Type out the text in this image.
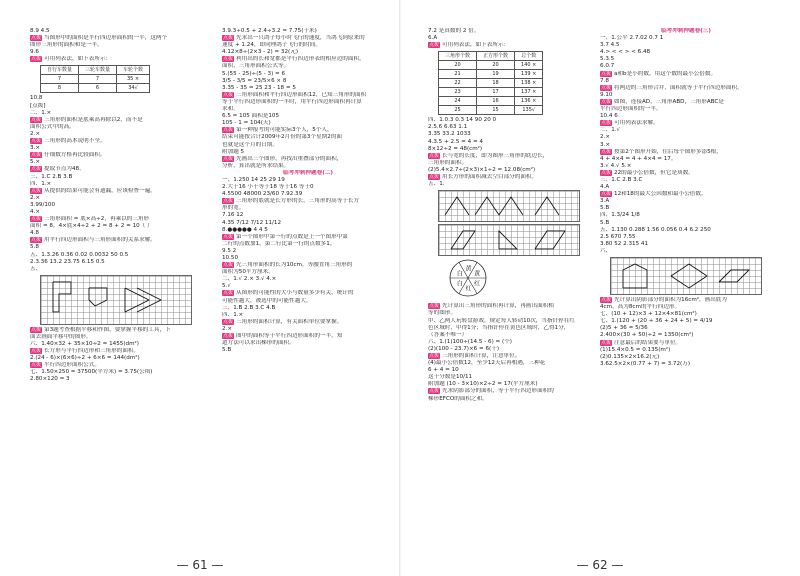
8.9 4.5
点拨 当图形中的面积是平行四边形面积的一半，这两个
图形三角形的面积和是一半。
9.6
点拨 可用列表法，如下表所示：
自行车数量	三轮车数量	车轮个数
7	7	35 ×
8	6	34√
10.8
[点拨]
二、1.×
点拨 三角形的面积是底乘高再除以2，而不是
面积公式中的高。
2.×
点拨 三角形的高本说明不全。
3.×
点拨 仔细数方格再比较面积。
5.×
点拨 提取节点为48。
三、1.C 2.B 3.B
四、1.×
点拨 从提供的结果可能会有遗漏，应该检查一遍。
2.×
3.99/100
4.×
点拨 三角形面积 = 底×高÷2，再乘以的三角形
面积 = 8，4×底×4÷2 + 2 = 8 + 2 = 10（ ）
4.8
点拨 用平行四边形面积与三角形面积的关系求解。
5.8
五、1.3.26 0.36 0.02 0.0032 50 0.5
2.3.36 13.2 23.75 6.15 0.5
五、
点拨 第3题考查根据平移和作图，要掌握平移的工具，下
面去画面平移中的图形。
六、1.40×32 + 35×10÷2 = 1455(dm²)
点拨 长方形与平行四边形和三角形的面积。
2.(24 - 6)×(6×6)÷2 + 6×6 = 144(dm²)
点拨 平行四边形面积公式。
七、1.50×250 = 37500(平方米) = 3.75(公顷)
2.80×120 = 3
3.9.3÷0.5 + 2.4÷3.2 = 7.75(千米)
点拨 先求出一只鸽子每小时飞行的速度，当鸽飞到原来的
速度 + 1.24，即同理鸽子飞行的时间。
4.12×8÷(2×3 - 2) = 32(元)
点拨 利用出的长和宽都是平行四边形表的相应边的面积，
面积，三角形面积公式等。
5.(55 - 25)÷(5 - 3) = 6
3/5 - 3/5 = 23/5×6 × 8
3.35 - 35 = 25 23 - 18 = 5
点拨 三角形面积和平行四边形面积12，已知三角形的面积
等于平行四边形面积的一半时，用平行四边形面积再计算
求和。
6.5 = 105 面积是105
105 - 1 = 104(天)
点拨 第一种报考的可能实际3个人，5个人，
结束可能按合计2009年2月份的第3个星期2的面
也就是这个月的日期。
附加题 5
点拨 先画出三个图形，再找出重叠部分的面积，
分析，算出就是所求结果。
临考冲刺押题卷(二)
一、1.250 14 25 29 19
2.大于16 小于等于18 等于16 等于0
4.5500 48000 23/60 7.92.39
点拨 三角形的底就是长方形的长，三角形的高等于长方
形的宽。
7.16 12
4.35 7/12 7/12 11/12
8.●●●●● 4 4 5
点拨 第一个图形中第一行的点数是上一个图形中第
二行的点数加1，第二行比第一行的点数多1。
9.5 2
10.50
点拨 先三角形面积的长为10cm，等腰直角三角形的
面积为50平方厘米。
二、1.√ 2.× 3.√ 4.×
5.√
点拨 从图形的可能性的大小与数量多少有关，统计的
可能性越大，被选中的可能性越大。
三、1.B 2.B 3.C 4.B
四、1.×
点拨 三角形的面积计算，有关面积单位要掌握。
2.×
点拨 图中的面积等于平行四边形面积的一半，知
道方法可以求出梯形的面积。
5.B
— 61 —
7.2 是真数的 2 倍。
6.A
点拨 可用列表法，如下表所示：
三角形个数	正方形个数	总个数
20	20	140 ×
21	19	139 ×
22	18	138 ×
23	17	137 ×
24	16	136 ×
25	15	135√
四、1.0.3 0.3 14 90 20 0
2.5.6 6.63 1.1
3.35 33.2 1033
4.3.5 + 2.5 = 4 = 4
8×12÷2 = 48(cm²)
点拨 长与宽的长度，即为图形三角形的底边长，
三角形的面积。
(2)5.4×2.7÷(2×3)×1÷2 = 12.08(cm²)
点拨 用长方形的面积减去空白部分的面积。
五、1.
红
红
白
白
黄
黄
点拨 先计算出三角形的面积再计算，再画出面积相
等的图形。
甲、乙两人玩转盘游戏，规定每人转动10次，当指针停在红
色区域时，甲得1分；当指针停在黄色区域时，乙得1分，
（答案不唯一）
六、1.(1)100÷(14.5 - 6) = (个)
(2)(100 - 23.7)×6 = 6(千)
点拨 三角形的面积计算，注意单位。
(4)最小公倍数12，至少12天后再相遇，三种花
6 + 4 = 10
这十分数是10/11
附加题 (10 - 3×10)×2÷2 = 17(平方厘米)
点拨 先求阴影部分的面积，等于平行四边形面积的
梯形EFCO的面积之和。
临考冲刺押题卷(三)
一、1.公平 2.7.02 0.7 1
3.7 4.5
4.> < < > < 6.48
5.3.5
6.0.7
点拨 a和b是小的数，用这个数的最小公倍数。
7.8
点拨 将两边的三角形合并，面积就等于平行四边形面积。
9.10
点拨 如图，连接AD，三角形ABD，三角形ABC是
平行四边形面积的一半。
10.4 6
点拨 可用列表法求解。
二、1.√
2.×
3.×
点拨 按第2个图形开始，往后每个图形多添5根，
4 + 4×4 = 4 + 4×4 = 17。
3.√ 4.√ 5.×
点拨 22的最小公倍数，但它是质数。
三、1.C 2.B 3.C
4.A
点拨 12和18的最大公因数和最小公倍数。
3.A
5.B
四、1.3/24 1/8
5.B
五、1.130 0.288 1.56 0.056 0.4 6.2 250
2.5 670 7.55
3.80 52 2.315 41
六、
点拨 先计算出阴影部分的面积为16cm²，画出底为
4cm，高为8cm的平行四边形。
七、(10 + 12)×3 + 12×4×81(cm²)
七、1.(120 + (20 + 36 + 24 + 5) = 4/19
(2)5 + 36 = 5/36
2.400×(30 + 50)÷2 = 1350(cm²)
点拨 注意最后的结果要与单位。
(1)15.4×0.5 = 0.135(m²)
(2)0.135×2×16.2(元)
3.62.5×2×(0.77 + 7) = 3.72(万)
— 62 —
